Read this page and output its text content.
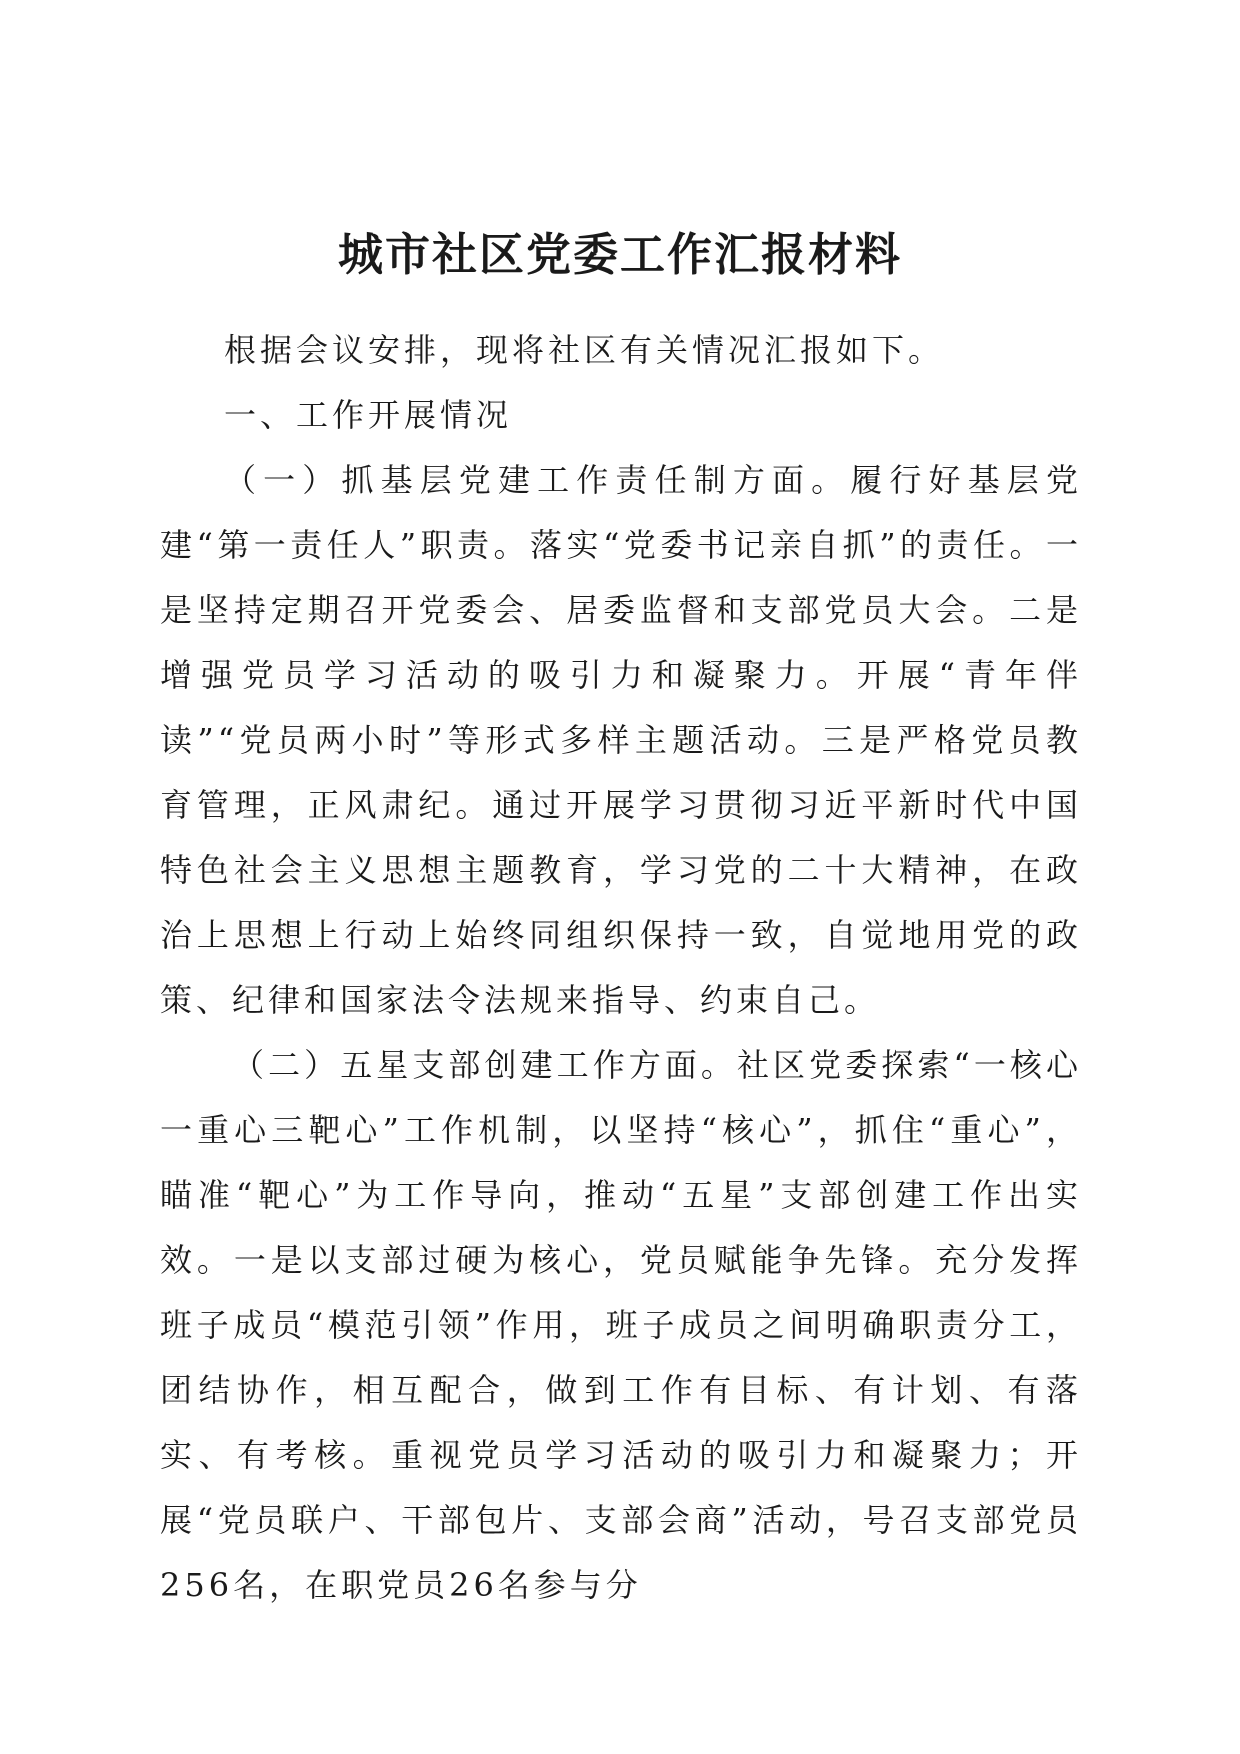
城市社区党委工作汇报材料

根据会议安排，现将社区有关情况汇报如下。

一、工作开展情况

（一）抓基层党建工作责任制方面。履行好基层党建“第一责任人”职责。落实“党委书记亲自抓”的责任。一是坚持定期召开党委会、居委监督和支部党员大会。二是增强党员学习活动的吸引力和凝聚力。开展“青年伴读”“党员两小时”等形式多样主题活动。三是严格党员教育管理，正风肃纪。通过开展学习贯彻习近平新时代中国特色社会主义思想主题教育，学习党的二十大精神，在政治上思想上行动上始终同组织保持一致，自觉地用党的政策、纪律和国家法令法规来指导、约束自己。

（二）五星支部创建工作方面。社区党委探索“一核心一重心三靶心”工作机制，以坚持“核心”，抓住“重心”，瞄准“靶心”为工作导向，推动“五星”支部创建工作出实效。一是以支部过硬为核心，党员赋能争先锋。充分发挥班子成员“模范引领”作用，班子成员之间明确职责分工，团结协作，相互配合，做到工作有目标、有计划、有落实、有考核。重视党员学习活动的吸引力和凝聚力；开展“党员联户、干部包片、支部会商”活动，号召支部党员256名，在职党员26名参与分
